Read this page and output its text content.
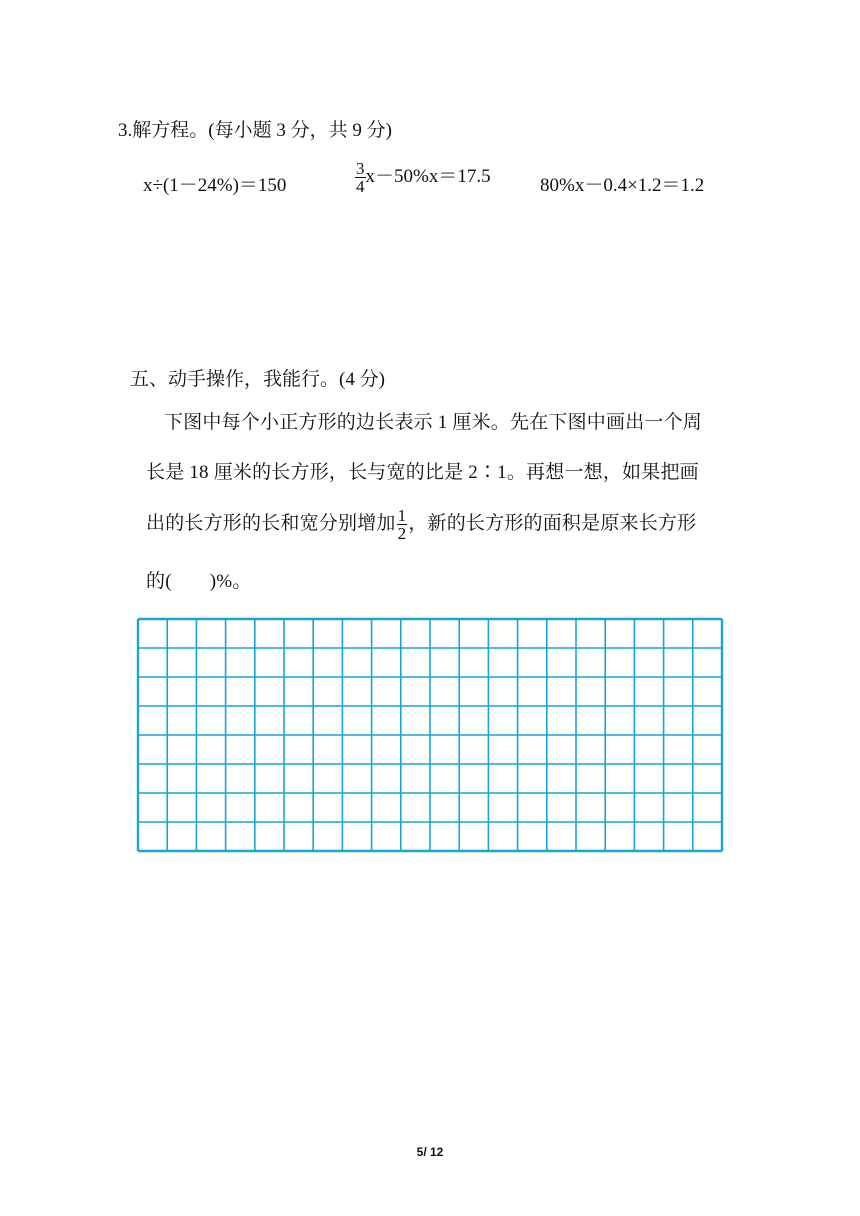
3.解方程。(每小题 3 分，共 9 分)
x÷(1－24%)＝150	$\frac{3}{4} x-50\%x=17.5$	80%x－0.4×1.2＝1.2
五、动手操作，我能行。(4 分)
下图中每个小正方形的边长表示 1 厘米。先在下图中画出一个周
长是 18 厘米的长方形，长与宽的比是 2∶1。再想一想，如果把画
出的长方形的长和宽分别增加 $\frac{1}{2}$ ，新的长方形的面积是原来长方形
的( )%。
5/ 12
